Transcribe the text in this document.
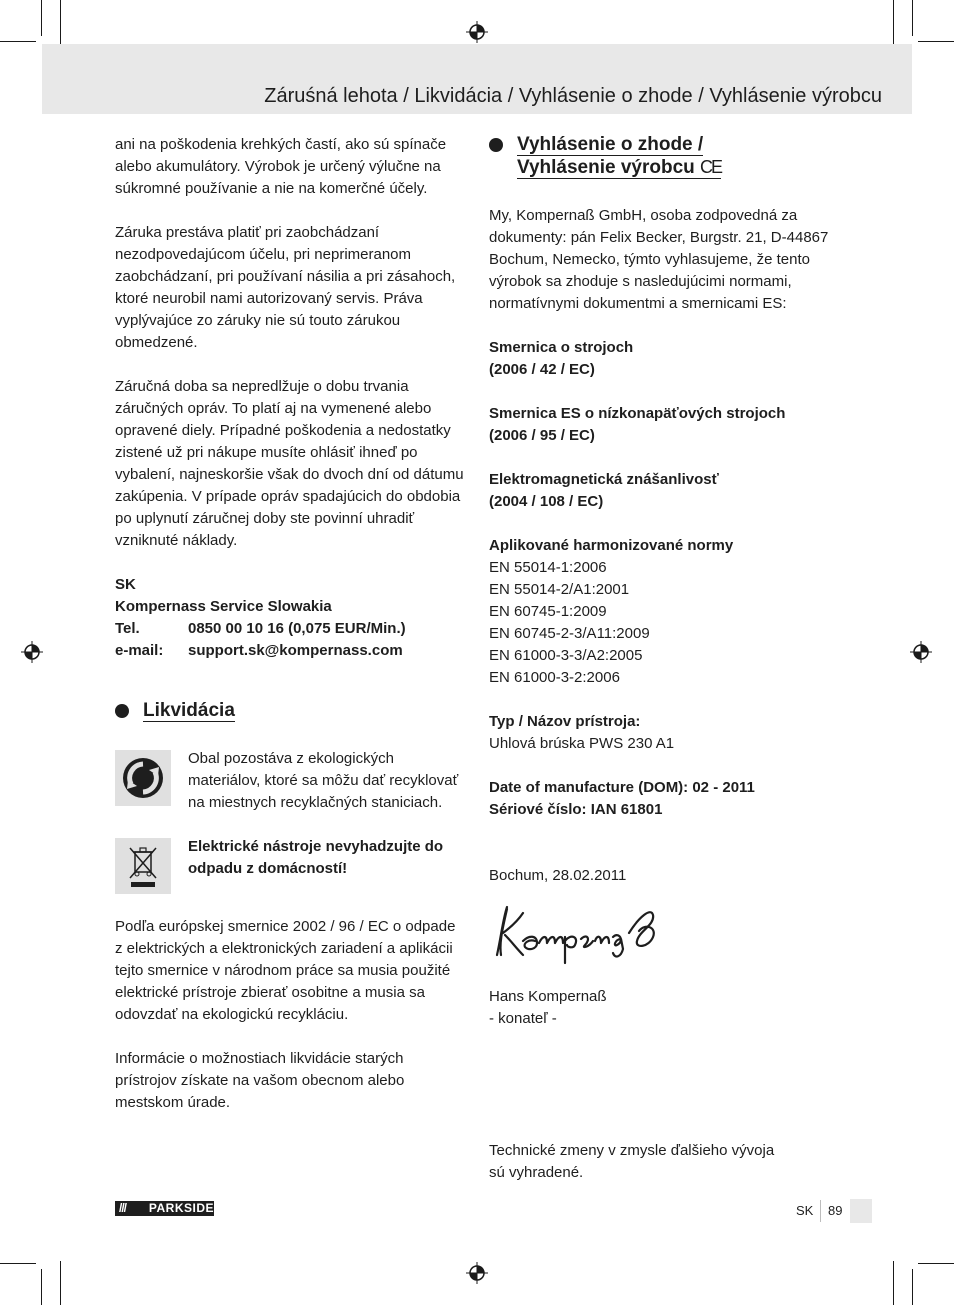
Záruśná lehota / Likvidácia / Vyhlásenie o zhode / Vyhlásenie výrobcu

ani na poškodenia krehkých častí, ako sú spínače alebo akumulátory. Výrobok je určený výlučne na súkromné používanie a nie na komerčné účely.

Záruka prestáva platiť pri zaobchádzaní nezodpovedajúcom účelu, pri neprimeranom zaobchádzaní, pri používaní násilia a pri zásahoch, ktoré neurobil nami autorizovaný servis. Práva vyplývajúce zo záruky nie sú touto zárukou obmedzené.

Záručná doba sa nepredlžuje o dobu trvania záručných opráv. To platí aj na vymenené alebo opravené diely. Prípadné poškodenia a nedostatky zistené už pri nákupe musíte ohlásiť ihneď po vybalení, najneskoršie však do dvoch dní od dátumu zakúpenia. V prípade opráv spadajúcich do obdobia po uplynutí záručnej doby ste povinní uhradiť vzniknuté náklady.

SK

Kompernass Service Slowakia

Tel.	0850 00 10 16 (0,075 EUR/Min.)
e-mail:	support.sk@kompernass.com
Likvidácia

Obal pozostáva z ekologických materiálov, ktoré sa môžu dať recyklovať na miestnych recyklačných staniciach.

Elektrické nástroje nevyhadzujte do odpadu z domácností!

Podľa európskej smernice 2002 / 96 / EC o odpade z elektrických a elektronických zariadení a aplikácii tejto smernice v národnom práce sa musia použité elektrické prístroje zbierať osobitne a musia sa odovzdať na ekologickú recykláciu.

Informácie o možnostiach likvidácie starých prístrojov získate na vašom obecnom alebo mestskom úrade.

Vyhlásenie o zhode /
Vyhlásenie výrobcu CE

My, Kompernaß GmbH, osoba zodpovedná za dokumenty: pán Felix Becker, Burgstr. 21, D-44867 Bochum, Nemecko, týmto vyhlasujeme, že tento výrobok sa zhoduje s nasledujúcimi normami, normatívnymi dokumentmi a smernicami ES:

Smernica o strojoch

(2006 / 42 / EC)

Smernica ES o nízkonapäťových strojoch

(2006 / 95 / EC)

Elektromagnetická znášanlivosť

(2004 / 108 / EC)

Aplikované harmonizované normy

EN 55014-1:2006

EN 55014-2/A1:2001

EN 60745-1:2009

EN 60745-2-3/A11:2009

EN 61000-3-3/A2:2005

EN 61000-3-2:2006

Typ / Názov prístroja:

Uhlová brúska PWS 230 A1

Date of manufacture (DOM): 02 - 2011

Sériové číslo: IAN 61801

Bochum, 28.02.2011

Hans Kompernaß

- konateľ -

Technické zmeny v zmysle ďalšieho vývoja sú vyhradené.

///	PARKSIDE	SK 89
